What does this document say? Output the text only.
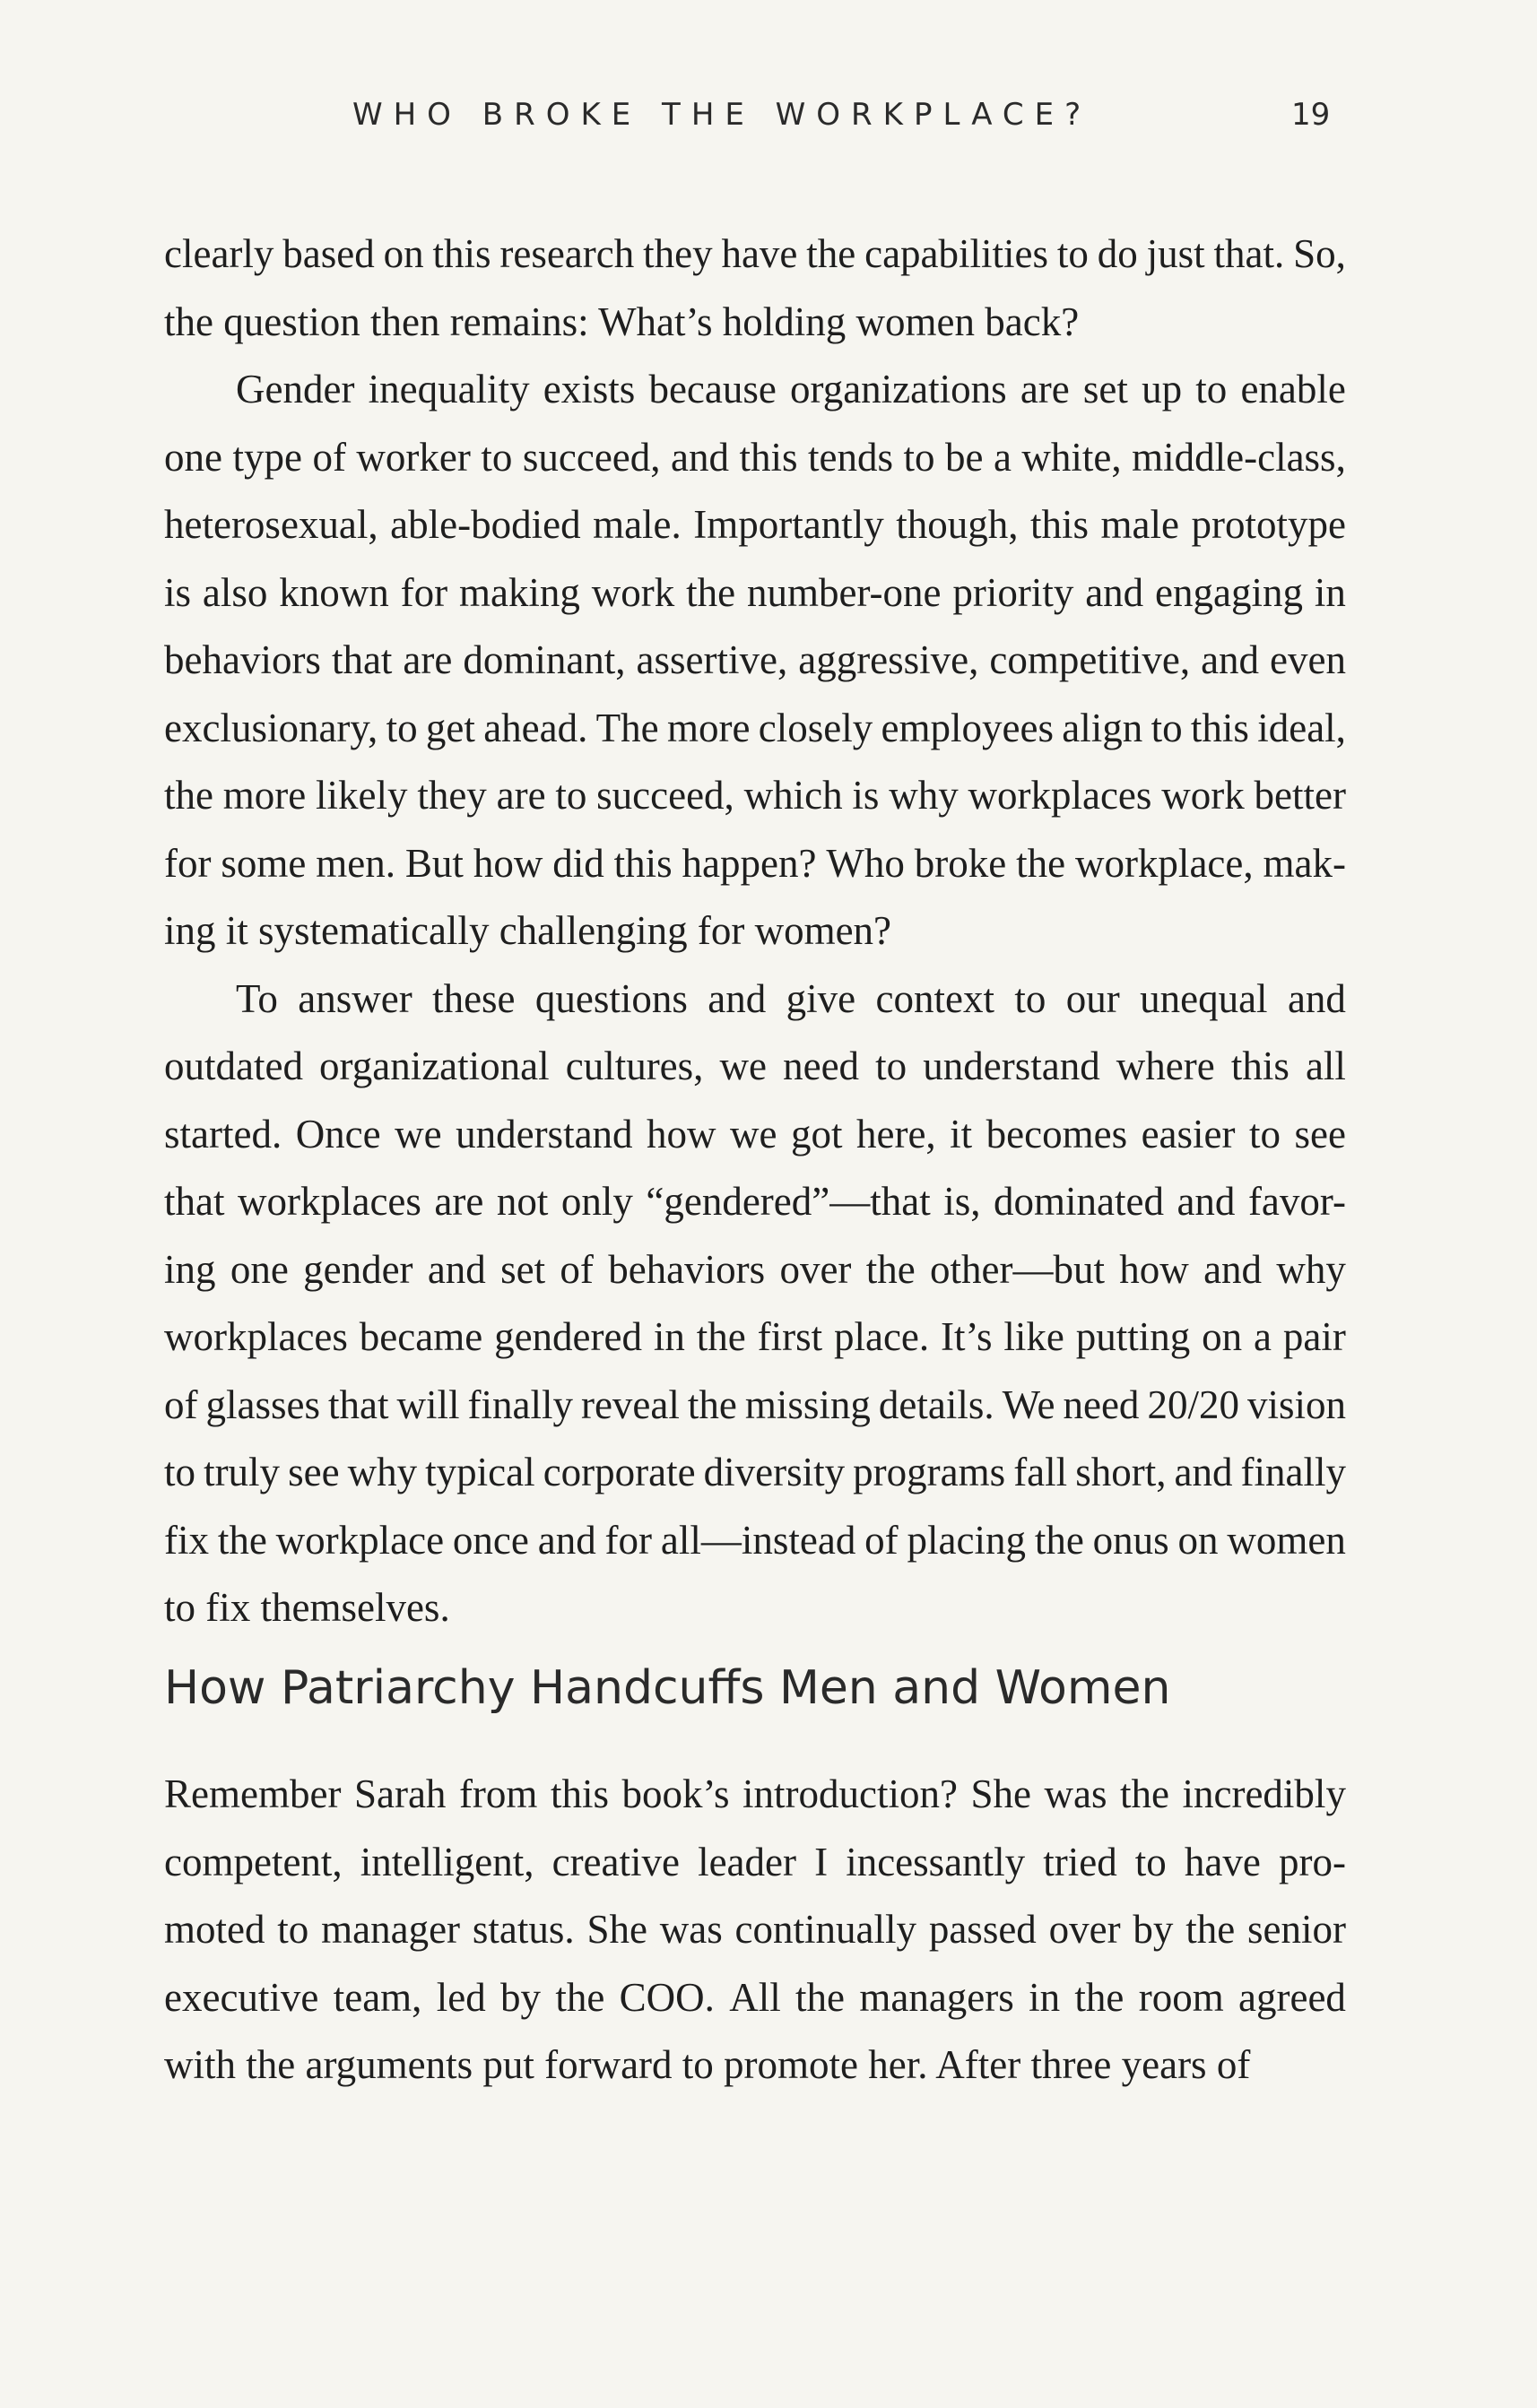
WHO BROKE THE WORKPLACE?	19

clearly based on this research they have the capabilities to do just that. So,
the question then remains: What’s holding women back?

Gender inequality exists because organizations are set up to enable
one type of worker to succeed, and this tends to be a white, middle-class,
heterosexual, able-bodied male. Importantly though, this male prototype
is also known for making work the number-one priority and engaging in
behaviors that are dominant, assertive, aggressive, competitive, and even
exclusionary, to get ahead. The more closely employees align to this ideal,
the more likely they are to succeed, which is why workplaces work better
for some men. But how did this happen? Who broke the workplace, mak-
ing it systematically challenging for women?

To answer these questions and give context to our unequal and
outdated organizational cultures, we need to understand where this all
started. Once we understand how we got here, it becomes easier to see
that workplaces are not only “gendered”—that is, dominated and favor-
ing one gender and set of behaviors over the other—but how and why
workplaces became gendered in the first place. It’s like putting on a pair
of glasses that will finally reveal the missing details. We need 20/20 vision
to truly see why typical corporate diversity programs fall short, and finally
fix the workplace once and for all—instead of placing the onus on women
to fix themselves.

How Patriarchy Handcuffs Men and Women

Remember Sarah from this book’s introduction? She was the incredibly
competent, intelligent, creative leader I incessantly tried to have pro-
moted to manager status. She was continually passed over by the senior
executive team, led by the COO. All the managers in the room agreed
with the arguments put forward to promote her. After three years of
